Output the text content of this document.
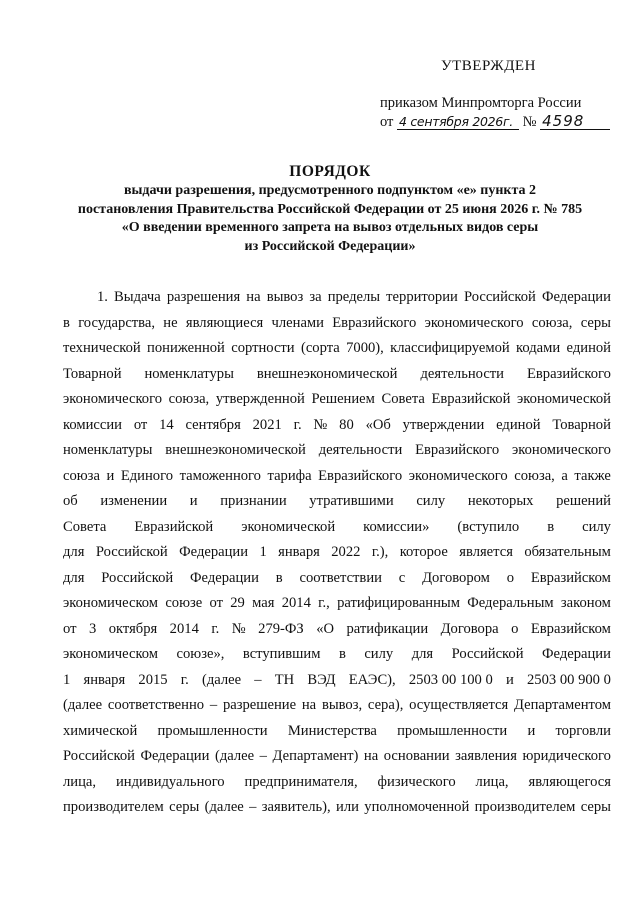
УТВЕРЖДЕН
приказом Минпромторга России
от 4 сентября 2026г. № 4598
ПОРЯДОК
выдачи разрешения, предусмотренного подпунктом «е» пункта 2
постановления Правительства Российской Федерации от 25 июня 2026 г. № 785
«О введении временного запрета на вывоз отдельных видов серы
из Российской Федерации»
1. Выдача разрешения на вывоз за пределы территории Российской Федерации
в государства, не являющиеся членами Евразийского экономического союза, серы
технической пониженной сортности (сорта 7000), классифицируемой кодами единой
Товарной номенклатуры внешнеэкономической деятельности Евразийского
экономического союза, утвержденной Решением Совета Евразийской экономической
комиссии от 14 сентября 2021 г. № 80 «Об утверждении единой Товарной
номенклатуры внешнеэкономической деятельности Евразийского экономического
союза и Единого таможенного тарифа Евразийского экономического союза, а также
об изменении и признании утратившими силу некоторых решений
Совета Евразийской экономической комиссии» (вступило в силу
для Российской Федерации 1 января 2022 г.), которое является обязательным
для Российской Федерации в соответствии с Договором о Евразийском
экономическом союзе от 29 мая 2014 г., ратифицированным Федеральным законом
от 3 октября 2014 г. № 279-ФЗ «О ратификации Договора о Евразийском
экономическом союзе», вступившим в силу для Российской Федерации
1 января 2015 г. (далее – ТН ВЭД ЕАЭС), 2503 00 100 0 и 2503 00 900 0
(далее соответственно – разрешение на вывоз, сера), осуществляется Департаментом
химической промышленности Министерства промышленности и торговли
Российской Федерации (далее – Департамент) на основании заявления юридического
лица, индивидуального предпринимателя, физического лица, являющегося
производителем серы (далее – заявитель), или уполномоченной производителем серы
